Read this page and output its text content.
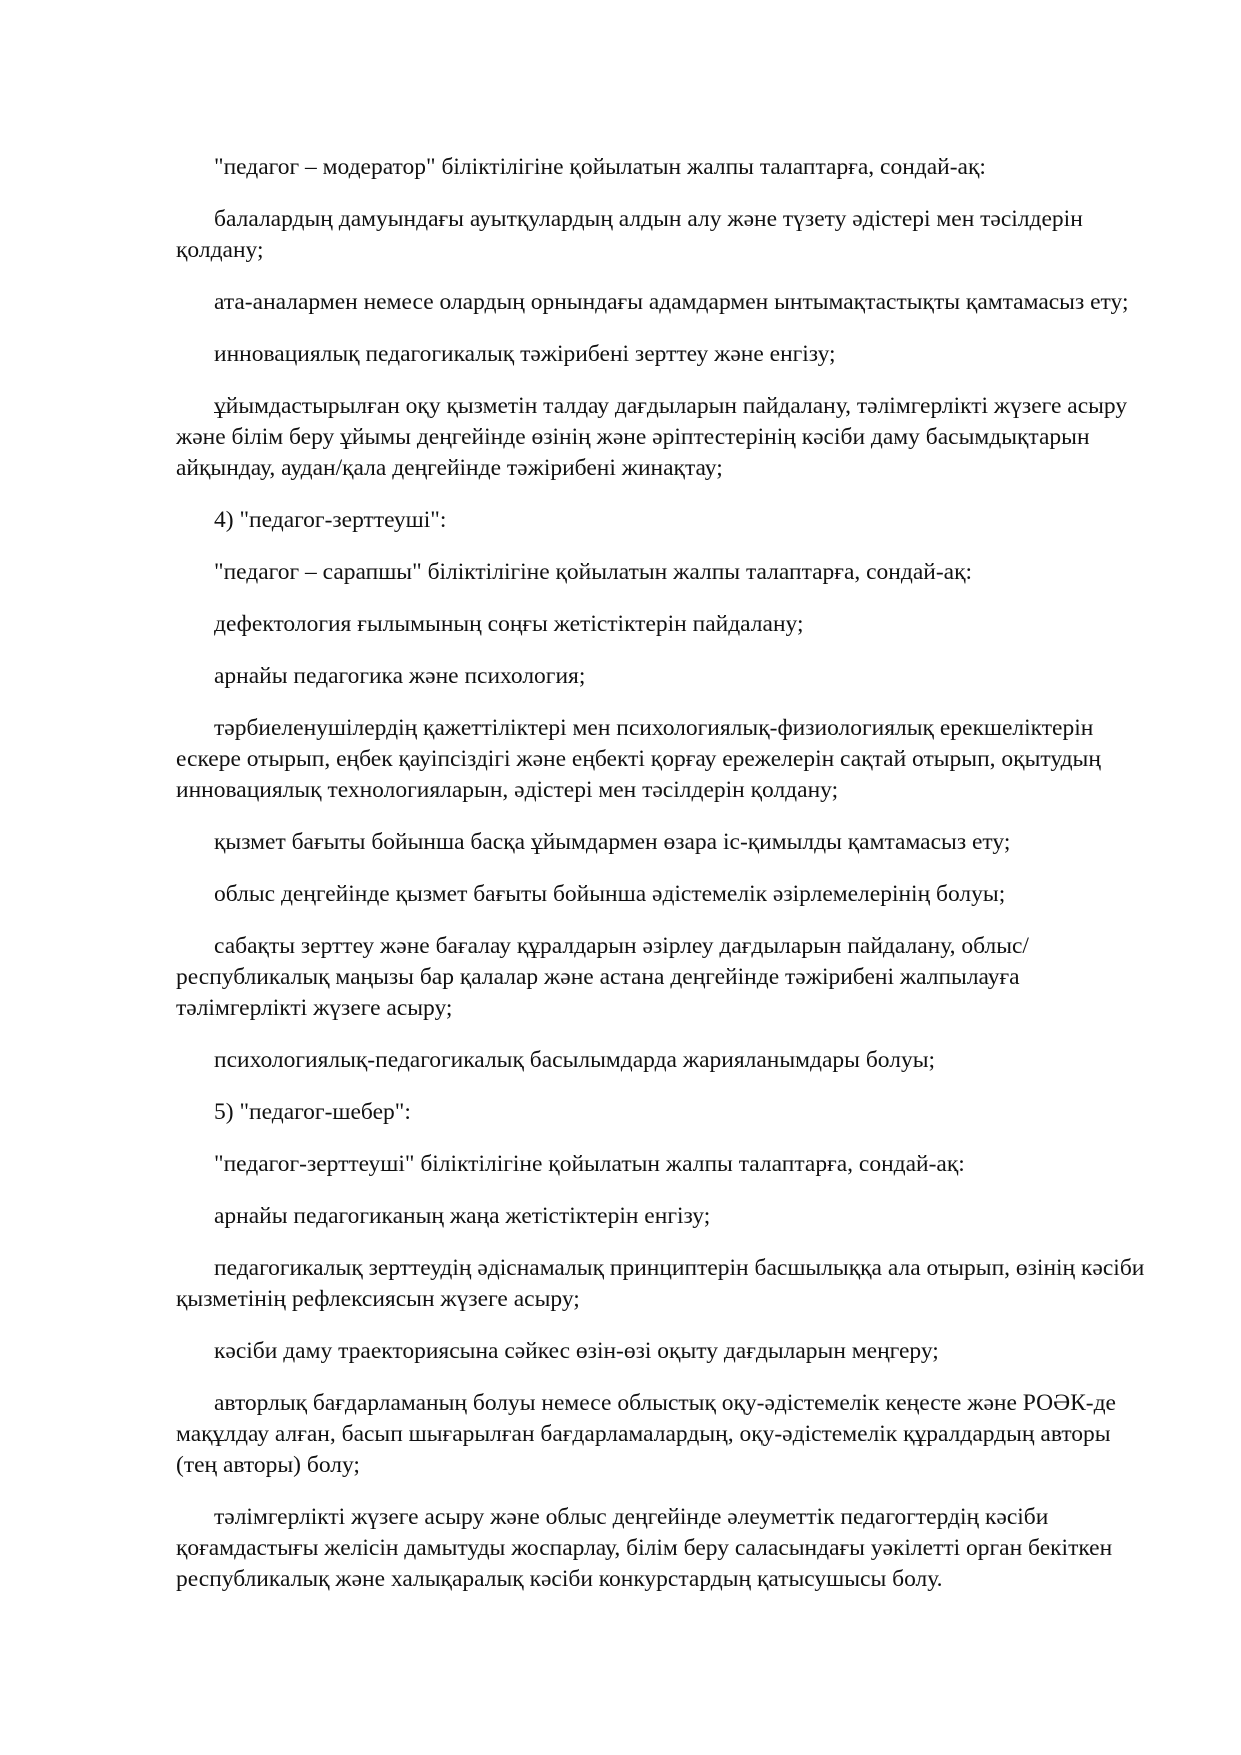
"педагог – модератор" біліктілігіне қойылатын жалпы талаптарға, сондай-ақ:

балалардың дамуындағы ауытқулардың алдын алу және түзету әдістері мен тәсілдерін қолдану;

ата-аналармен немесе олардың орнындағы адамдармен ынтымақтастықты қамтамасыз ету;

инновациялық педагогикалық тәжірибені зерттеу және енгізу;

ұйымдастырылған оқу қызметін талдау дағдыларын пайдалану, тәлімгерлікті жүзеге асыру және білім беру ұйымы деңгейінде өзінің және әріптестерінің кәсіби даму басымдықтарын айқындау, аудан/қала деңгейінде тәжірибені жинақтау;

4) "педагог-зерттеуші":

"педагог – сарапшы" біліктілігіне қойылатын жалпы талаптарға, сондай-ақ:

дефектология ғылымының соңғы жетістіктерін пайдалану;

арнайы педагогика және психология;

тәрбиеленушілердің қажеттіліктері мен психологиялық-физиологиялық ерекшеліктерін ескере отырып, еңбек қауіпсіздігі және еңбекті қорғау ережелерін сақтай отырып, оқытудың инновациялық технологияларын, әдістері мен тәсілдерін қолдану;

қызмет бағыты бойынша басқа ұйымдармен өзара іс-қимылды қамтамасыз ету;

облыс деңгейінде қызмет бағыты бойынша әдістемелік әзірлемелерінің болуы;

сабақты зерттеу және бағалау құралдарын әзірлеу дағдыларын пайдалану, облыс/республикалық маңызы бар қалалар және астана деңгейінде тәжірибені жалпылауға тәлімгерлікті жүзеге асыру;

психологиялық-педагогикалық басылымдарда жарияланымдары болуы;

5) "педагог-шебер":

"педагог-зерттеуші" біліктілігіне қойылатын жалпы талаптарға, сондай-ақ:

арнайы педагогиканың жаңа жетістіктерін енгізу;

педагогикалық зерттеудің әдіснамалық принциптерін басшылыққа ала отырып, өзінің кәсіби қызметінің рефлексиясын жүзеге асыру;

кәсіби даму траекториясына сәйкес өзін-өзі оқыту дағдыларын меңгеру;

авторлық бағдарламаның болуы немесе облыстық оқу-әдістемелік кеңесте және РОӘК-де мақұлдау алған, басып шығарылған бағдарламалардың, оқу-әдістемелік құралдардың авторы (тең авторы) болу;

тәлімгерлікті жүзеге асыру және облыс деңгейінде әлеуметтік педагогтердің кәсіби қоғамдастығы желісін дамытуды жоспарлау, білім беру саласындағы уәкілетті орган бекіткен республикалық және халықаралық кәсіби конкурстардың қатысушысы болу.
